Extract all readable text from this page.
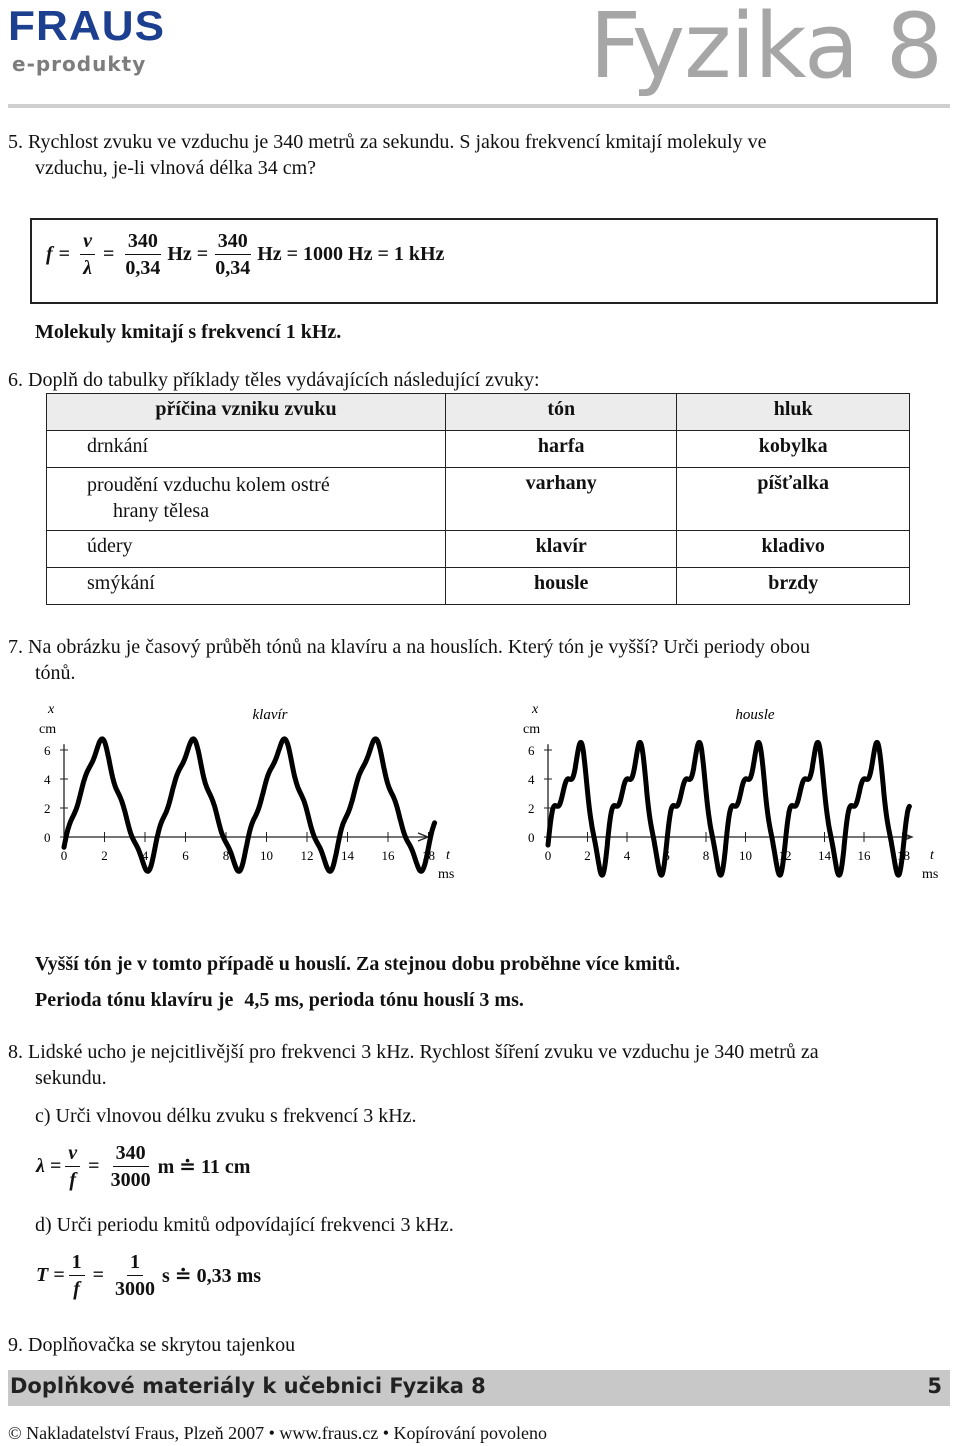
FRAUS
e-produkty	Fyzika 8
5. Rychlost zvuku ve vzduchu je 340 metrů za sekundu. S jakou frekvencí kmitají molekuly ve
vzduchu, je-li vlnová délka 34 cm?
$f = \frac{v}{\lambda} = \frac{340}{0,34}$ $Hz = \frac{340}{0,34}$ Hz = 1000 Hz = 1 kHz
Molekuly kmitají s frekvencí 1 kHz.
6. Doplň do tabulky příklady těles vydávajících následující zvuky:
příčina vzniku zvuku	tón	hluk
drnkání	harfa	kobylka

proudění vzduchu kolem ostré
hrany tělesa	varhany	píšťalka
údery	klavír	kladivo
smýkání	housle	brzdy
7. Na obrázku je časový průběh tónů na klavíru a na houslích. Který tón je vyšší? Urči periody obou
tónů.
x
cm
klavír
t
ms
0
2
4
6
0	2	4	6	8 10 12 14 16 18
x
cm
housle
t
ms
0
2
4
6
0	2	4	6	8 10 12 14 16 18
Vyšší tón je v tomto případě u houslí. Za stejnou dobu proběhne více kmitů.
Perioda tónu klavíru je 4,5 ms, perioda tónu houslí 3 ms.
8. Lidské ucho je nejcitlivější pro frekvenci 3 kHz. Rychlost šíření zvuku ve vzduchu je 340 metrů za
sekundu.
c) Urči vlnovou délku zvuku s frekvencí 3 kHz.
$\lambda = \frac{v}{f} = \frac{340}{3000}$ m ≐ 11 cm
d) Urči periodu kmitů odpovídající frekvenci 3 kHz.
$T = \frac{1}{f} = \frac{1}{3000}$ s ≐ 0,33 ms
9. Doplňovačka se skrytou tajenkou
Doplňkové materiály k učebnici Fyzika 8	5
© Nakladatelství Fraus, Plzeň 2007 • www.fraus.cz • Kopírování povoleno
